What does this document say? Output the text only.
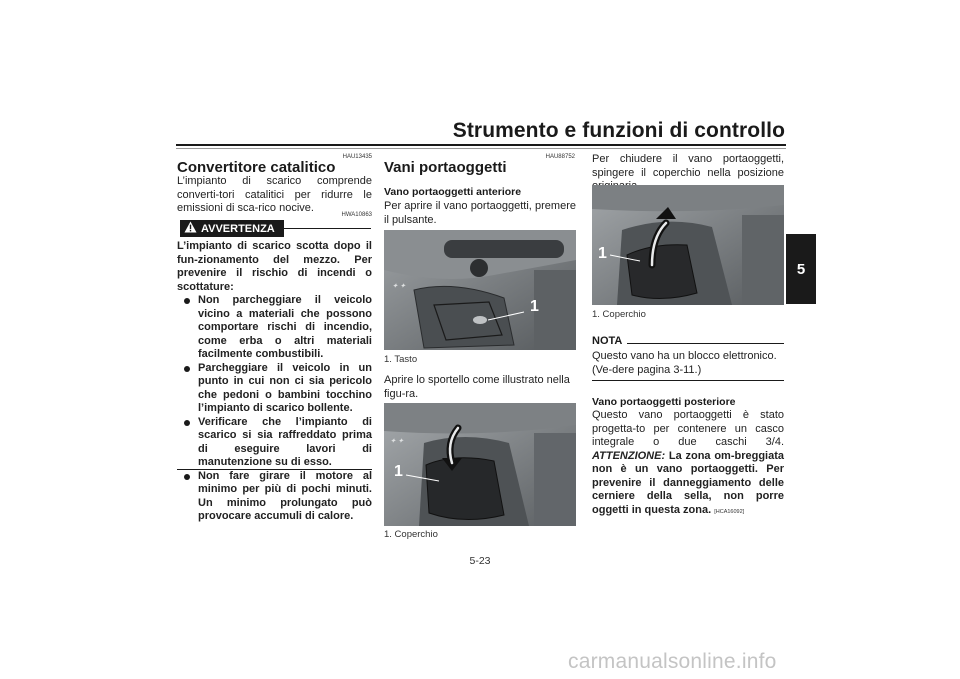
Strumento e funzioni di controllo
5
HAU13435
Convertitore catalitico
L’impianto di scarico comprende converti-tori catalitici per ridurre le emissioni di sca-rico nocive.
HWA10863
AVVERTENZA
L’impianto di scarico scotta dopo il fun-zionamento del mezzo. Per prevenire il rischio di incendi o scottature:
Non parcheggiare il veicolo vicino a materiali che possono comportare rischi di incendio, come erba o altri materiali facilmente combustibili.
Parcheggiare il veicolo in un punto in cui non ci sia pericolo che pedoni o bambini tocchino l’impianto di scarico bollente.
Verificare che l’impianto di scarico si sia raffreddato prima di eseguire lavori di manutenzione su di esso.
Non fare girare il motore al minimo per più di pochi minuti. Un minimo prolungato può provocare accumuli di calore.
HAU88752
Vani portaoggetti
Vano portaoggetti anteriore
Per aprire il vano portaoggetti, premere il pulsante.
✦ ✦
1
1. Tasto
Aprire lo sportello come illustrato nella figu-ra.
✦ ✦
1
1. Coperchio
Per chiudere il vano portaoggetti, spingere il coperchio nella posizione
1
1. Coperchio
NOTA
Questo vano ha un blocco elettronico. (Ve-dere pagina 3-11.)
Vano portaoggetti posteriore
Questo vano portaoggetti è stato progetta-to per contenere un casco integrale o due caschi 3/4. ATTENZIONE: La zona om-breggiata non è un vano portaoggetti. Per prevenire il danneggiamento delle cerniere della sella, non porre oggetti in questa zona. [HCA16092]
5-23
carmanualsonline.info
